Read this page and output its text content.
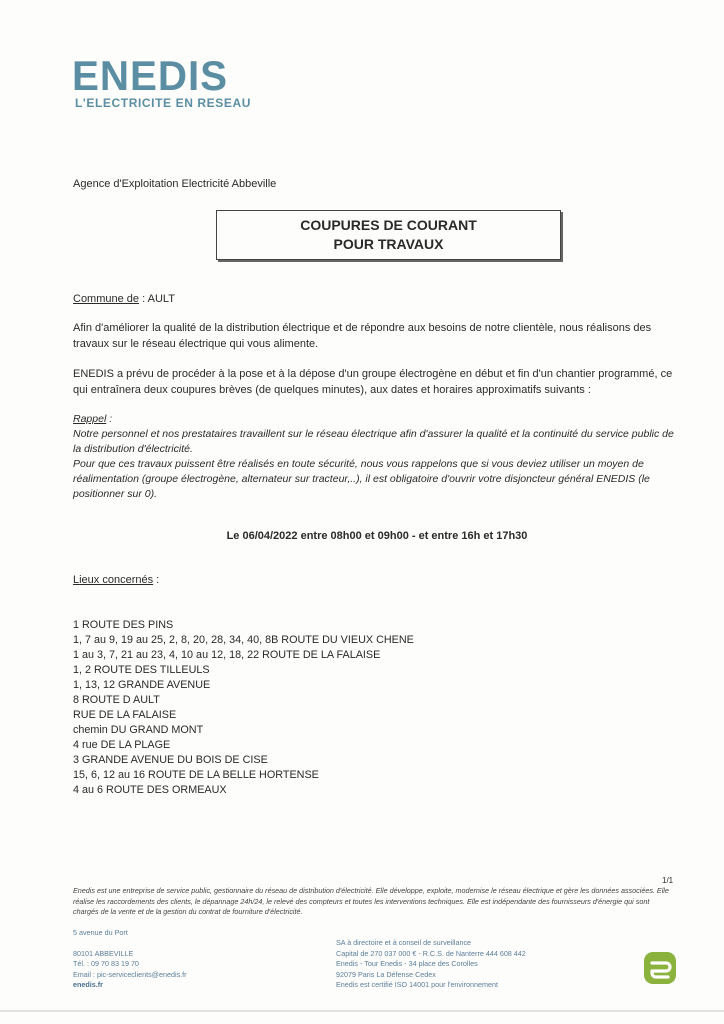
ENEDIS
L'ELECTRICITE EN RESEAU
Agence d'Exploitation Electricité Abbeville
COUPURES DE COURANT
POUR TRAVAUX
Commune de : AULT
Afin d'améliorer la qualité de la distribution électrique et de répondre aux besoins de notre clientèle, nous réalisons des travaux sur le réseau électrique qui vous alimente.
ENEDIS a prévu de procéder à la pose et à la dépose d'un groupe électrogène en début et fin d'un chantier programmé, ce qui entraînera deux coupures brèves (de quelques minutes), aux dates et horaires approximatifs suivants :
Rappel :
Notre personnel et nos prestataires travaillent sur le réseau électrique afin d'assurer la qualité et la continuité du service public de la distribution d'électricité.
Pour que ces travaux puissent être réalisés en toute sécurité, nous vous rappelons que si vous deviez utiliser un moyen de réalimentation (groupe électrogène, alternateur sur tracteur,..), il est obligatoire d'ouvrir votre disjoncteur général ENEDIS (le positionner sur 0).
Le 06/04/2022 entre 08h00 et 09h00 - et entre 16h et 17h30
Lieux concernés :
1 ROUTE DES PINS
1, 7 au 9, 19 au 25, 2, 8, 20, 28, 34, 40, 8B ROUTE DU VIEUX CHENE
1 au 3, 7, 21 au 23, 4, 10 au 12, 18, 22 ROUTE DE LA FALAISE
1, 2 ROUTE DES TILLEULS
1, 13, 12 GRANDE AVENUE
8 ROUTE D AULT
RUE DE LA FALAISE
chemin DU GRAND MONT
4 rue DE LA PLAGE
3 GRANDE AVENUE DU BOIS DE CISE
15, 6, 12 au 16 ROUTE DE LA BELLE HORTENSE
4 au 6 ROUTE DES ORMEAUX
1/1
Enedis est une entreprise de service public, gestionnaire du réseau de distribution d'électricité. Elle développe, exploite, modernise le réseau électrique et gère les données associées. Elle réalise les raccordements des clients, le dépannage 24h/24, le relevé des compteurs et toutes les interventions techniques. Elle est indépendante des fournisseurs d'énergie qui sont chargés de la vente et de la gestion du contrat de fourniture d'électricité.
5 avenue du Port
80101 ABBEVILLE
Tél. : 09 70 83 19 70
Email : pic-serviceclients@enedis.fr
enedis.fr
SA à directoire et à conseil de surveillance
Capital de 270 037 000 € - R.C.S. de Nanterre 444 608 442
Enedis - Tour Enedis - 34 place des Corolles
92079 Paris La Défense Cedex
Enedis est certifié ISO 14001 pour l'environnement
